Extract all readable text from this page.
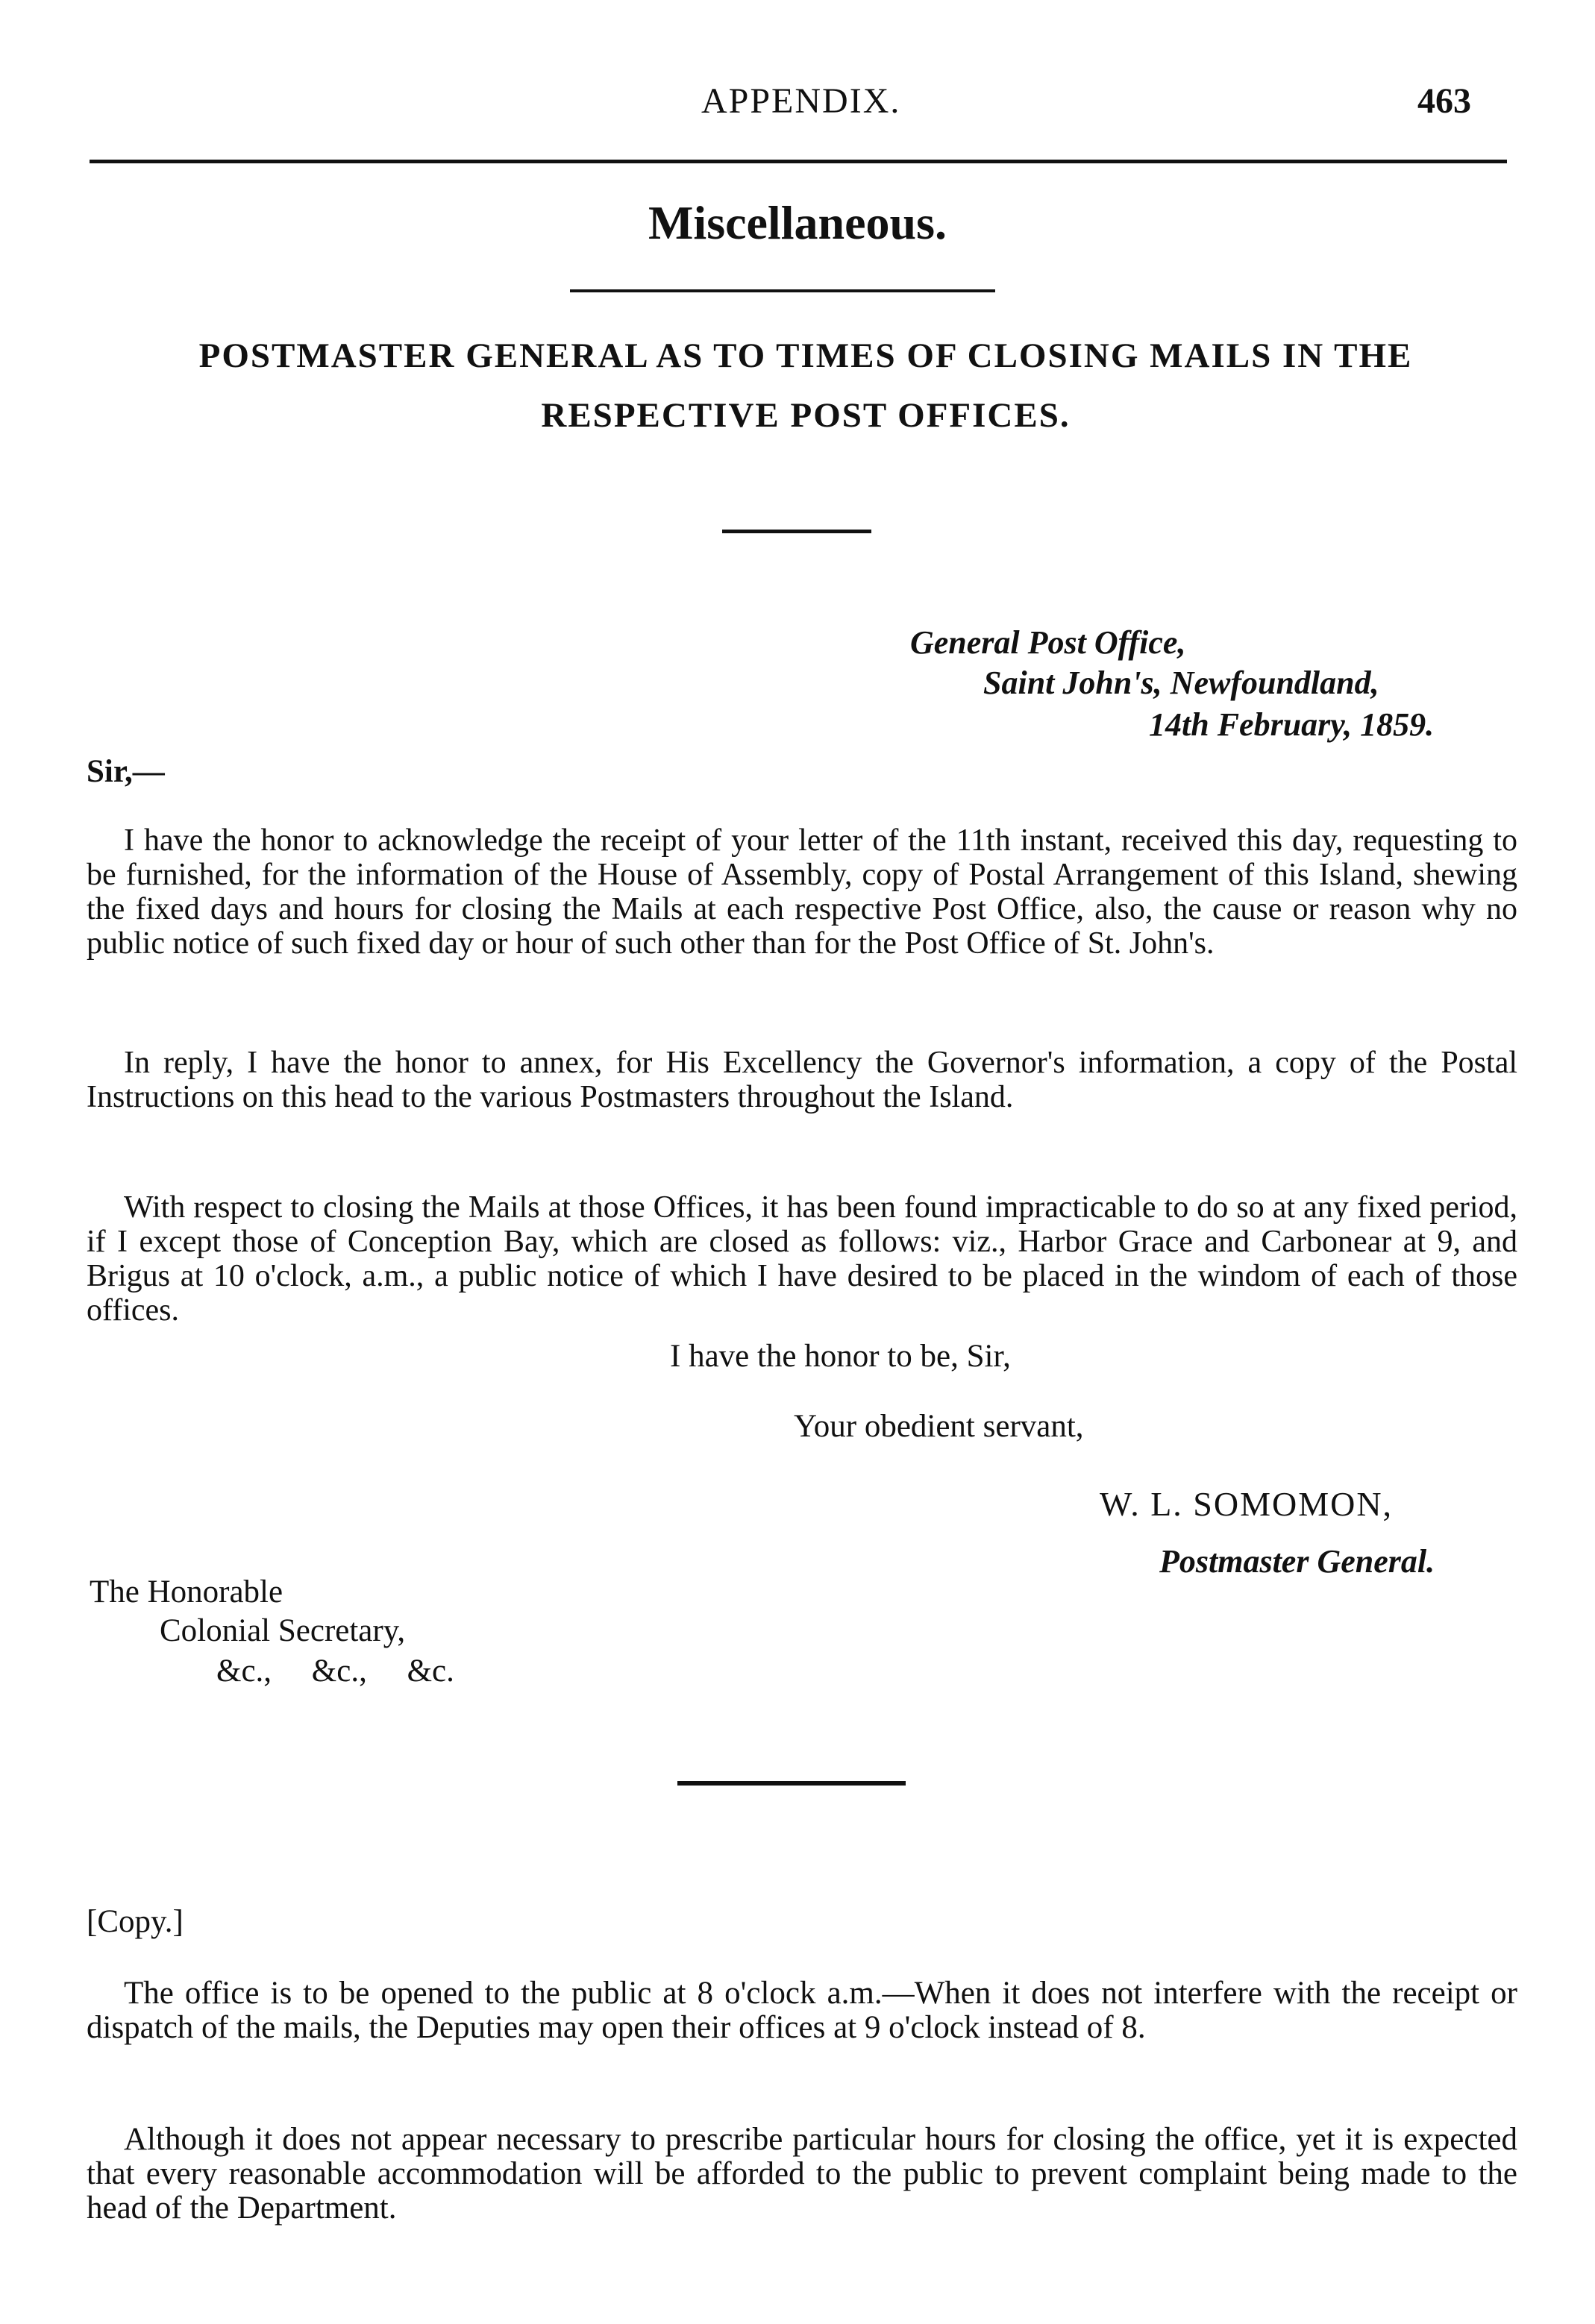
APPENDIX.	463
Miscellaneous.
POSTMASTER GENERAL AS TO TIMES OF CLOSING MAILS IN THE
RESPECTIVE POST OFFICES.
General Post Office,
Saint John's, Newfoundland,
14th February, 1859.
Sir,—

I have the honor to acknowledge the receipt of your letter of the 11th instant, received this day, requesting to be furnished, for the information of the House of Assembly, copy of Postal Arrangement of this Island, shewing the fixed days and hours for closing the Mails at each respective Post Office, also, the cause or reason why no public notice of such fixed day or hour of such other than for the Post Office of St. John's.

In reply, I have the honor to annex, for His Excellency the Governor's information, a copy of the Postal Instructions on this head to the various Postmasters throughout the Island.

With respect to closing the Mails at those Offices, it has been found impracticable to do so at any fixed period, if I except those of Conception Bay, which are closed as follows: viz., Harbor Grace and Carbonear at 9, and Brigus at 10 o'clock, a.m., a public notice of which I have desired to be placed in the windom of each of those offices.

I have the honor to be, Sir,
Your obedient servant,
W. L. SOMOMON,
Postmaster General.
The Honorable
Colonial Secretary,
&c.,     &c.,     &c.
[Copy.]

The office is to be opened to the public at 8 o'clock a.m.—When it does not interfere with the receipt or dispatch of the mails, the Deputies may open their offices at 9 o'clock instead of 8.

Although it does not appear necessary to prescribe particular hours for closing the office, yet it is expected that every reasonable accommodation will be afforded to the public to prevent complaint being made to the head of the Department.
